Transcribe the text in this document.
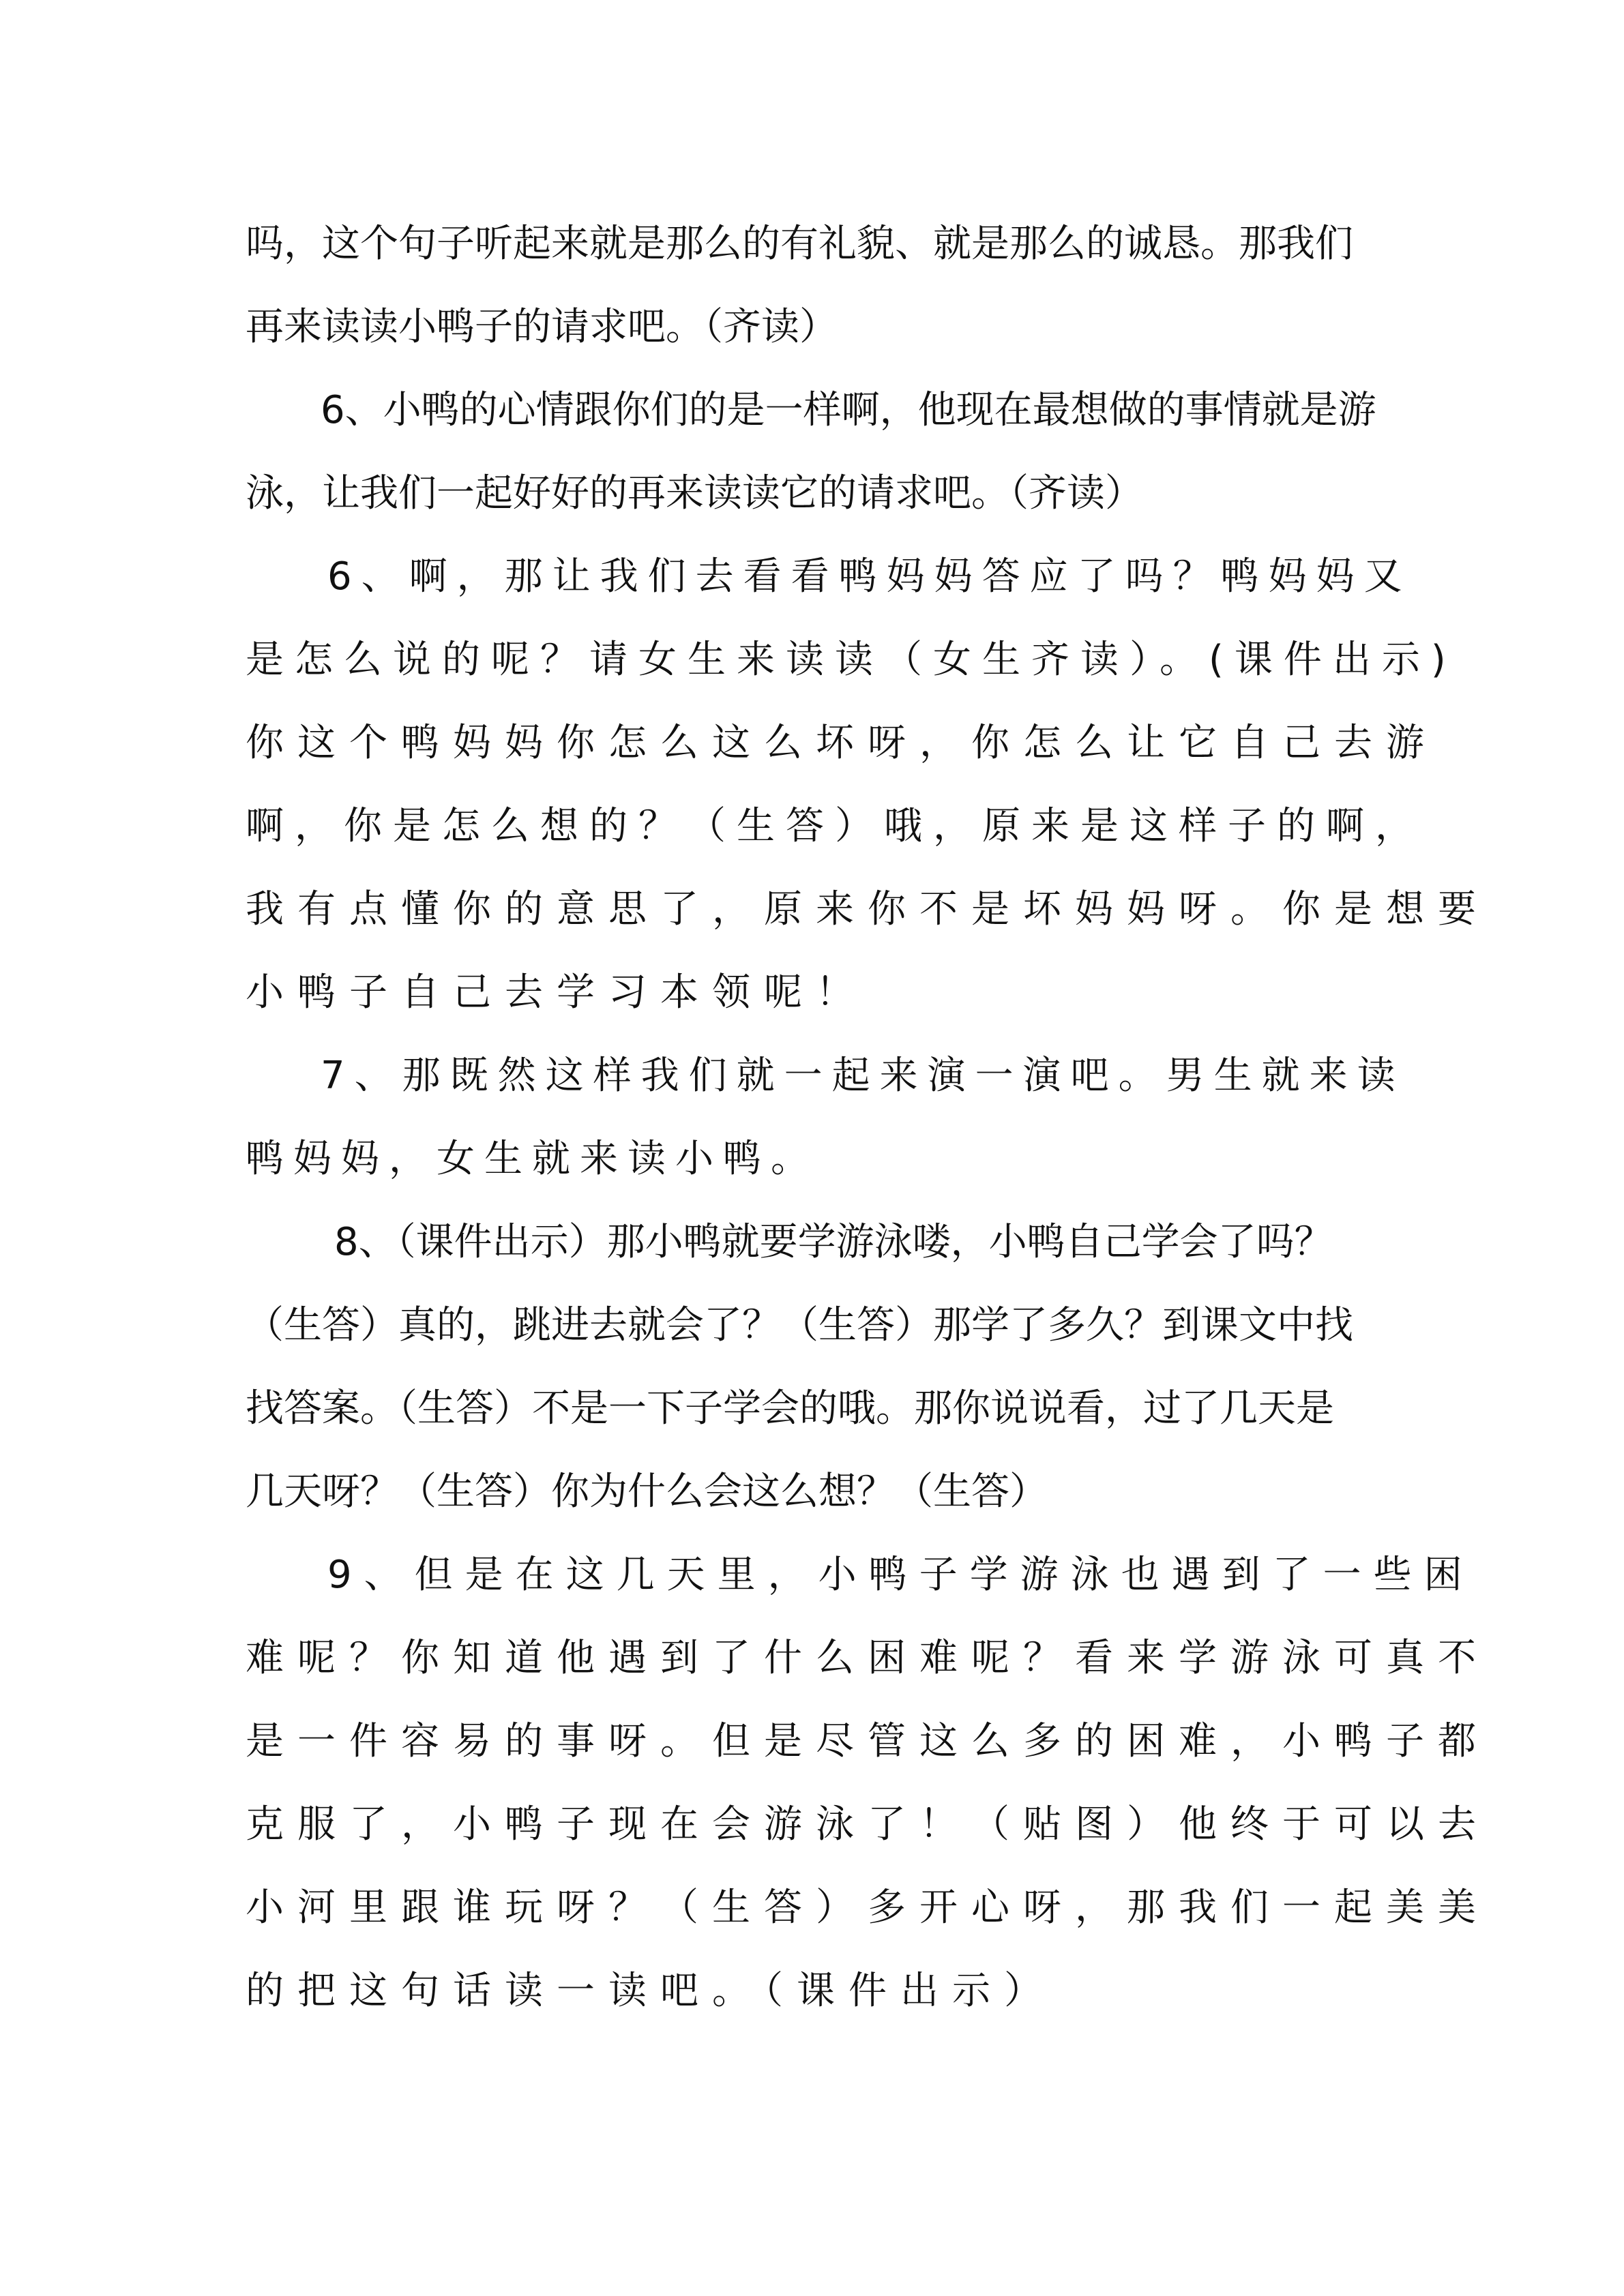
吗，这个句子听起来就是那么的有礼貌、就是那么的诚恳。那我们

再来读读小鸭子的请求吧。（齐读）

6、小鸭的心情跟你们的是一样啊，他现在最想做的事情就是游

泳，让我们一起好好的再来读读它的请求吧。（齐读）

6、啊，那让我们去看看鸭妈妈答应了吗？鸭妈妈又

是怎么说的呢？请女生来读读（女生齐读）。(课件出示)

你这个鸭妈妈你怎么这么坏呀，你怎么让它自己去游

啊，你是怎么想的？（生答）哦，原来是这样子的啊，

我有点懂你的意思了，原来你不是坏妈妈呀。你是想要

小鸭子自己去学习本领呢！

7、那既然这样我们就一起来演一演吧。男生就来读

鸭妈妈，女生就来读小鸭。

8、（课件出示）那小鸭就要学游泳喽，小鸭自己学会了吗？

（生答）真的，跳进去就会了？（生答）那学了多久？到课文中找

找答案。（生答）不是一下子学会的哦。那你说说看，过了几天是

几天呀？（生答）你为什么会这么想？（生答）

9、但是在这几天里，小鸭子学游泳也遇到了一些困

难呢？你知道他遇到了什么困难呢？看来学游泳可真不

是一件容易的事呀。但是尽管这么多的困难，小鸭子都

克服了，小鸭子现在会游泳了！（贴图）他终于可以去

小河里跟谁玩呀？（生答）多开心呀，那我们一起美美

的把这句话读一读吧。（课件出示）
